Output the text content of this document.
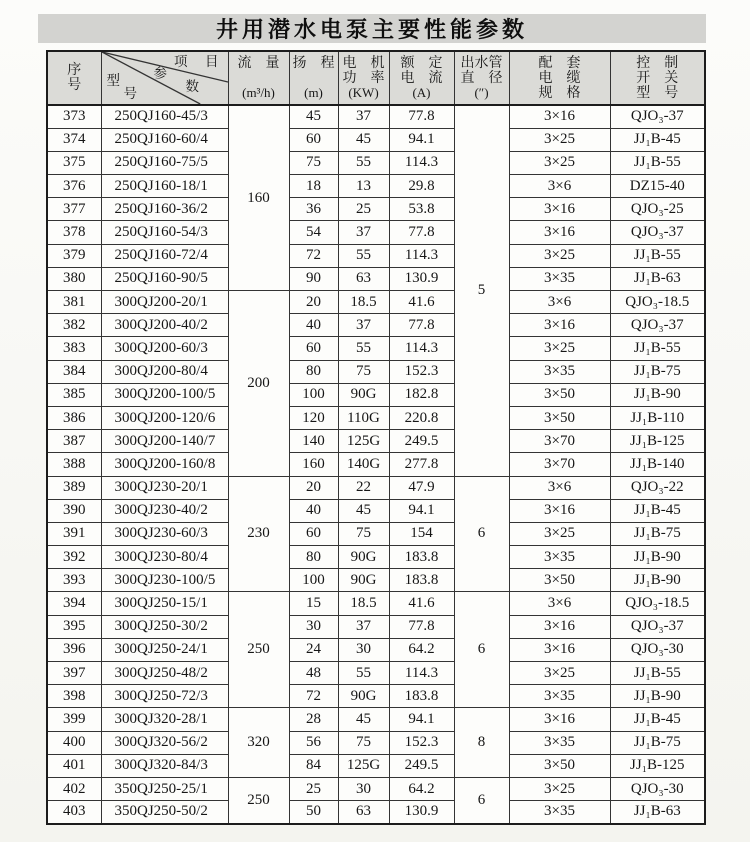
井用潜水电泵主要性能参数
序
号

项　目
参
数
型
号

流　量
(m³/h)

扬　程
(m)

电　机
功　率
(KW)

额　定
电　流
(A)

出水管
直　径
(″)

配　套
电　缆
规　格

控　制
开　关
型　号

373	250QJ160-45/3	160	45	37	77.8	5	3×16	QJO₃-37
374	250QJ160-60/4		60	45	94.1		3×25	JJ₁B-45
375	250QJ160-75/5		75	55	114.3		3×25	JJ₁B-55
376	250QJ160-18/1		18	13	29.8		3×6	DZ15-40
377	250QJ160-36/2		36	25	53.8		3×16	QJO₃-25
378	250QJ160-54/3		54	37	77.8		3×16	QJO₃-37
379	250QJ160-72/4		72	55	114.3		3×25	JJ₁B-55
380	250QJ160-90/5		90	63	130.9		3×35	JJ₁B-63
381	300QJ200-20/1	200	20	18.5	41.6		3×6	QJO₃-18.5
382	300QJ200-40/2		40	37	77.8		3×16	QJO₃-37
383	300QJ200-60/3		60	55	114.3		3×25	JJ₁B-55
384	300QJ200-80/4		80	75	152.3		3×35	JJ₁B-75
385	300QJ200-100/5		100	90G	182.8		3×50	JJ₁B-90
386	300QJ200-120/6		120	110G	220.8		3×50	JJ₁B-110
387	300QJ200-140/7		140	125G	249.5		3×70	JJ₁B-125
388	300QJ200-160/8		160	140G	277.8		3×70	JJ₁B-140
389	300QJ230-20/1	230	20	22	47.9	6	3×6	QJO₃-22
390	300QJ230-40/2		40	45	94.1		3×16	JJ₁B-45
391	300QJ230-60/3		60	75	154		3×25	JJ₁B-75
392	300QJ230-80/4		80	90G	183.8		3×35	JJ₁B-90
393	300QJ230-100/5		100	90G	183.8		3×50	JJ₁B-90
394	300QJ250-15/1	250	15	18.5	41.6	6	3×6	QJO₃-18.5
395	300QJ250-30/2		30	37	77.8		3×16	QJO₃-37
396	300QJ250-24/1		24	30	64.2		3×16	QJO₃-30
397	300QJ250-48/2		48	55	114.3		3×25	JJ₁B-55
398	300QJ250-72/3		72	90G	183.8		3×35	JJ₁B-90
399	300QJ320-28/1	320	28	45	94.1	8	3×16	JJ₁B-45
400	300QJ320-56/2		56	75	152.3		3×35	JJ₁B-75
401	300QJ320-84/3		84	125G	249.5		3×50	JJ₁B-125
402	350QJ250-25/1	250	25	30	64.2	6	3×25	QJO₃-30
403	350QJ250-50/2		50	63	130.9		3×35	JJ₁B-63
